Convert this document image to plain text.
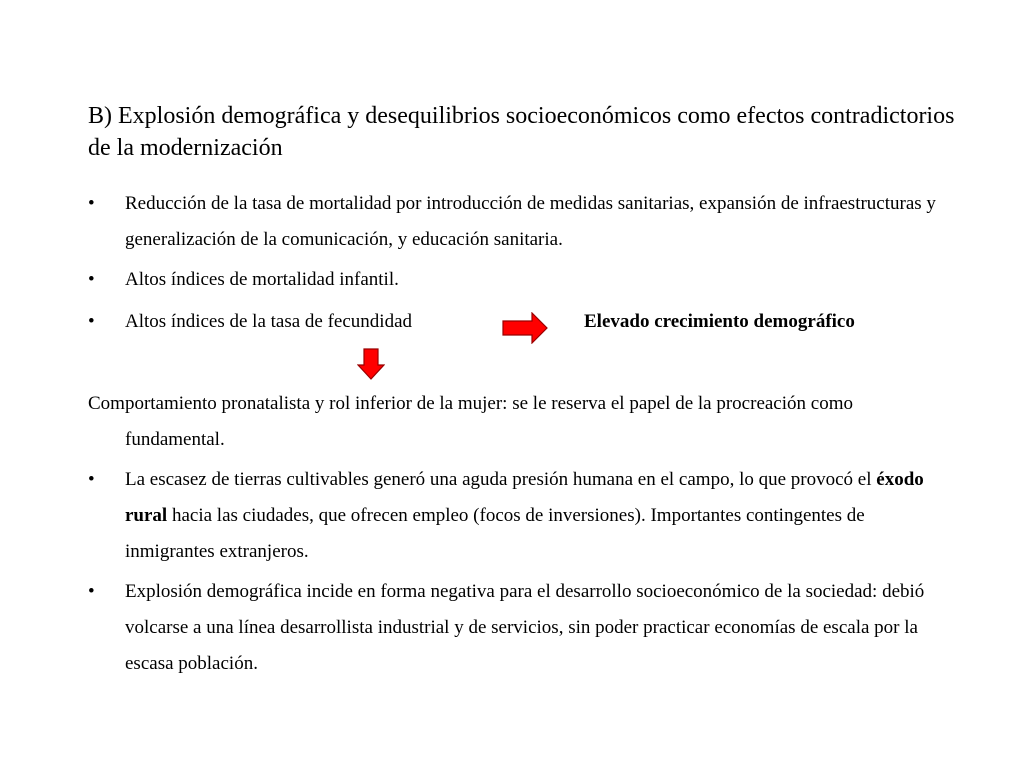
B) Explosión demográfica y desequilibrios socioeconómicos como efectos contradictorios de la modernización
•	Reducción de la tasa de mortalidad por introducción de medidas sanitarias, expansión de infraestructuras y generalización de la comunicación, y educación sanitaria.

•	Altos índices de mortalidad infantil.

•	Altos índices de la tasa de fecundidad	Elevado crecimiento demográfico

Comportamiento pronatalista y rol inferior de la mujer: se le reserva el papel de la procreación como fundamental.

•	La escasez de tierras cultivables generó una aguda presión humana en el campo, lo que provocó el éxodo rural hacia las ciudades, que ofrecen empleo (focos de inversiones). Importantes contingentes de inmigrantes extranjeros.

•	Explosión demográfica incide en forma negativa para el desarrollo socioeconómico de la sociedad: debió volcarse a una línea desarrollista industrial y de servicios, sin poder practicar economías de escala por la escasa población.
